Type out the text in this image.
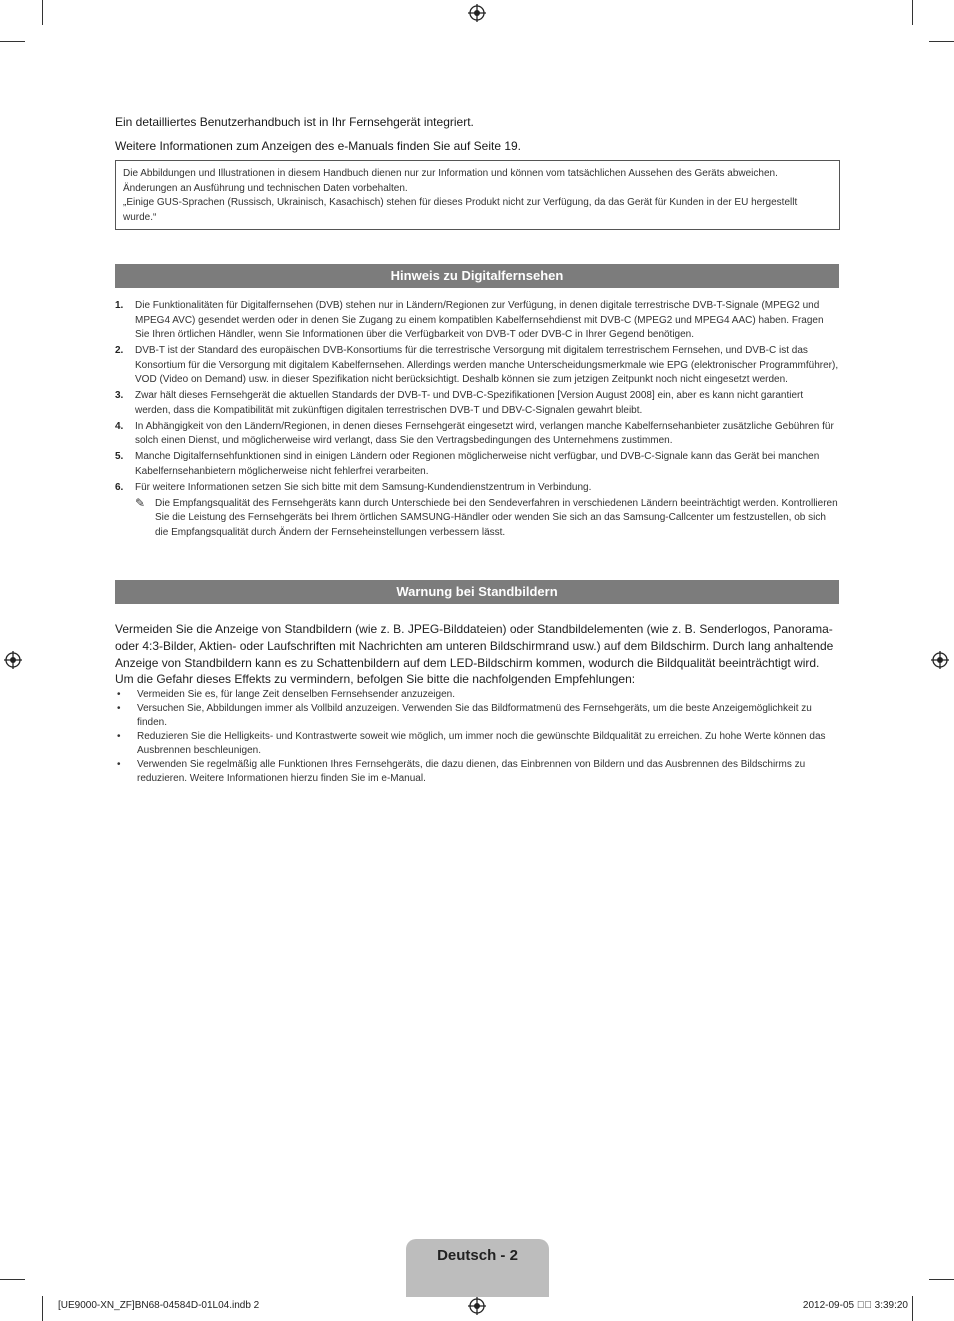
Ein detailliertes Benutzerhandbuch ist in Ihr Fernsehgerät integriert.
Weitere Informationen zum Anzeigen des e-Manuals finden Sie auf Seite 19.

Die Abbildungen und Illustrationen in diesem Handbuch dienen nur zur Information und können vom tatsächlichen Aussehen des Geräts abweichen. Änderungen an Ausführung und technischen Daten vorbehalten.

„Einige GUS-Sprachen (Russisch, Ukrainisch, Kasachisch) stehen für dieses Produkt nicht zur Verfügung, da das Gerät für Kunden in der EU hergestellt wurde.“

Hinweis zu Digitalfernsehen
1.	Die Funktionalitäten für Digitalfernsehen (DVB) stehen nur in Ländern/Regionen zur Verfügung, in denen digitale terrestrische DVB-T-Signale (MPEG2 und MPEG4 AVC) gesendet werden oder in denen Sie Zugang zu einem kompatiblen Kabelfernsehdienst mit DVB-C (MPEG2 und MPEG4 AAC) haben. Fragen Sie Ihren örtlichen Händler, wenn Sie Informationen über die Verfügbarkeit von DVB-T oder DVB-C in Ihrer Gegend benötigen.
2.	DVB-T ist der Standard des europäischen DVB-Konsortiums für die terrestrische Versorgung mit digitalem terrestrischem Fernsehen, und DVB-C ist das Konsortium für die Versorgung mit digitalem Kabelfernsehen. Allerdings werden manche Unterscheidungsmerkmale wie EPG (elektronischer Programmführer), VOD (Video on Demand) usw. in dieser Spezifikation nicht berücksichtigt. Deshalb können sie zum jetzigen Zeitpunkt noch nicht eingesetzt werden.
3.	Zwar hält dieses Fernsehgerät die aktuellen Standards der DVB-T- und DVB-C-Spezifikationen [Version August 2008] ein, aber es kann nicht garantiert werden, dass die Kompatibilität mit zukünftigen digitalen terrestrischen DVB-T und DBV-C-Signalen gewahrt bleibt.
4.	In Abhängigkeit von den Ländern/Regionen, in denen dieses Fernsehgerät eingesetzt wird, verlangen manche Kabelfernsehanbieter zusätzliche Gebühren für solch einen Dienst, und möglicherweise wird verlangt, dass Sie den Vertragsbedingungen des Unternehmens zustimmen.
5.	Manche Digitalfernsehfunktionen sind in einigen Ländern oder Regionen möglicherweise nicht verfügbar, und DVB-C-Signale kann das Gerät bei manchen Kabelfernsehanbietern möglicherweise nicht fehlerfrei verarbeiten.
6.	Für weitere Informationen setzen Sie sich bitte mit dem Samsung-Kundendienstzentrum in Verbindung.
✎ Die Empfangsqualität des Fernsehgeräts kann durch Unterschiede bei den Sendeverfahren in verschiedenen Ländern beeinträchtigt werden. Kontrollieren Sie die Leistung des Fernsehgeräts bei Ihrem örtlichen SAMSUNG-Händler oder wenden Sie sich an das Samsung-Callcenter um festzustellen, ob sich die Empfangsqualität durch Ändern der Fernseheinstellungen verbessern lässt.
Warnung bei Standbildern
Vermeiden Sie die Anzeige von Standbildern (wie z. B. JPEG-Bilddateien) oder Standbildelementen (wie z. B. Senderlogos, Panorama- oder 4:3-Bilder, Aktien- oder Laufschriften mit Nachrichten am unteren Bildschirmrand usw.) auf dem Bildschirm. Durch lang anhaltende Anzeige von Standbildern kann es zu Schattenbildern auf dem LED-Bildschirm kommen, wodurch die Bildqualität beeinträchtigt wird. Um die Gefahr dieses Effekts zu vermindern, befolgen Sie bitte die nachfolgenden Empfehlungen:
•	Vermeiden Sie es, für lange Zeit denselben Fernsehsender anzuzeigen.
•	Versuchen Sie, Abbildungen immer als Vollbild anzuzeigen. Verwenden Sie das Bildformatmenü des Fernsehgeräts, um die beste Anzeigemöglichkeit zu finden.
•	Reduzieren Sie die Helligkeits- und Kontrastwerte soweit wie möglich, um immer noch die gewünschte Bildqualität zu erreichen. Zu hohe Werte können das Ausbrennen beschleunigen.
•	Verwenden Sie regelmäßig alle Funktionen Ihres Fernsehgeräts, die dazu dienen, das Einbrennen von Bildern und das Ausbrennen des Bildschirms zu reduzieren. Weitere Informationen hierzu finden Sie im e-Manual.
Deutsch - 2
[UE9000-XN_ZF]BN68-04584D-01L04.indb 2	2012-09-05 ￿￿ 3:39:20
